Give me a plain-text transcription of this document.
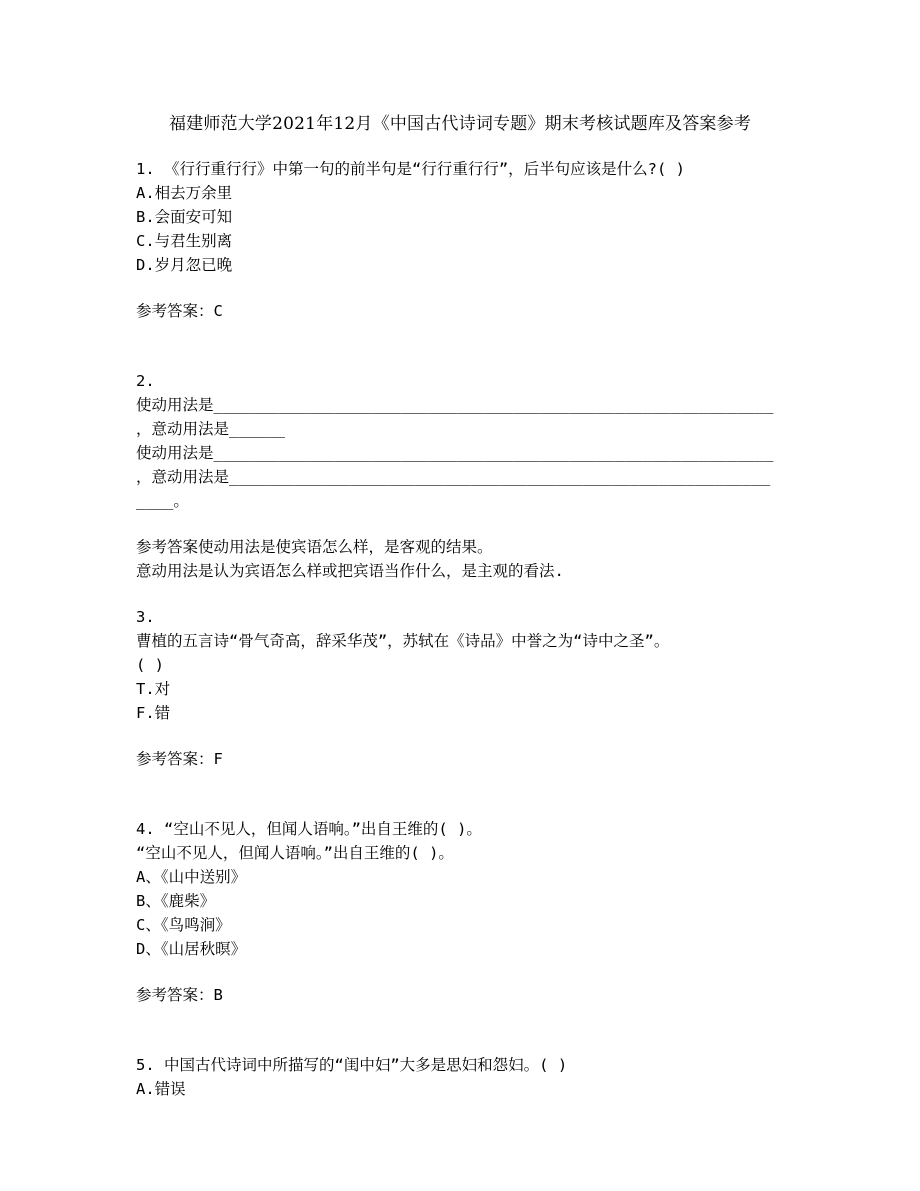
福建师范大学2021年12月《中国古代诗词专题》期末考核试题库及答案参考
1. 《行行重行行》中第一句的前半句是“行行重行行”，后半句应该是什么?( )
A.相去万余里
B.会面安可知
C.与君生别离
D.岁月忽已晚
参考答案：C
2.
使动用法是____________________________________________________________
，意动用法是______
使动用法是____________________________________________________________
，意动用法是__________________________________________________________
____。
参考答案使动用法是使宾语怎么样，是客观的结果。
意动用法是认为宾语怎么样或把宾语当作什么，是主观的看法.
3.
曹植的五言诗“骨气奇高，辞采华茂”，苏轼在《诗品》中誉之为“诗中之圣”。
( )
T.对
F.错
参考答案：F
4. “空山不见人，但闻人语响。”出自王维的( )。
“空山不见人，但闻人语响。”出自王维的( )。
A、《山中送别》
B、《鹿柴》
C、《鸟鸣涧》
D、《山居秋暝》
参考答案：B
5. 中国古代诗词中所描写的“闺中妇”大多是思妇和怨妇。( )
A.错误
